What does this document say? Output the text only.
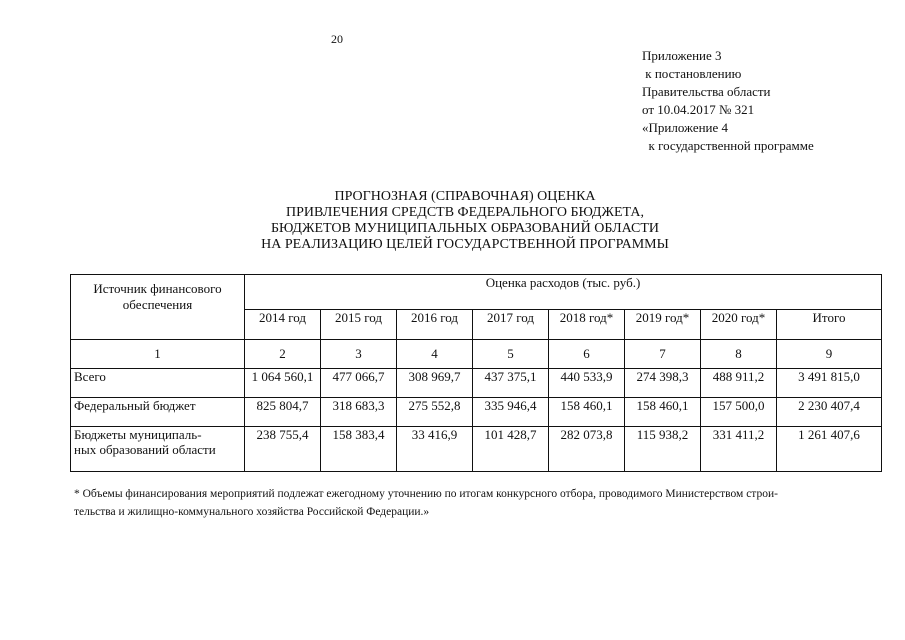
20
Приложение 3
к постановлению
Правительства области
от 10.04.2017 № 321
«Приложение 4
к государственной программе
ПРОГНОЗНАЯ (СПРАВОЧНАЯ) ОЦЕНКА
ПРИВЛЕЧЕНИЯ СРЕДСТВ ФЕДЕРАЛЬНОГО БЮДЖЕТА,
БЮДЖЕТОВ МУНИЦИПАЛЬНЫХ ОБРАЗОВАНИЙ ОБЛАСТИ
НА РЕАЛИЗАЦИЮ ЦЕЛЕЙ ГОСУДАРСТВЕННОЙ ПРОГРАММЫ
Источник финансового
обеспечения	Оценка расходов (тыс. руб.)							
	2014 год	2015 год	2016 год	2017 год	2018 год*	2019 год*	2020 год*	Итого
1	2	3	4	5	6	7	8	9
Всего	1 064 560,1	477 066,7	308 969,7	437 375,1	440 533,9	274 398,3	488 911,2	3 491 815,0
Федеральный бюджет	825 804,7	318 683,3	275 552,8	335 946,4	158 460,1	158 460,1	157 500,0	2 230 407,4

Бюджеты муниципаль-
ных образований области	238 755,4	158 383,4	33 416,9	101 428,7	282 073,8	115 938,2	331 411,2	1 261 407,6
* Объемы финансирования мероприятий подлежат ежегодному уточнению по итогам конкурсного отбора, проводимого Министерством строи-
тельства и жилищно-коммунального хозяйства Российской Федерации.»
